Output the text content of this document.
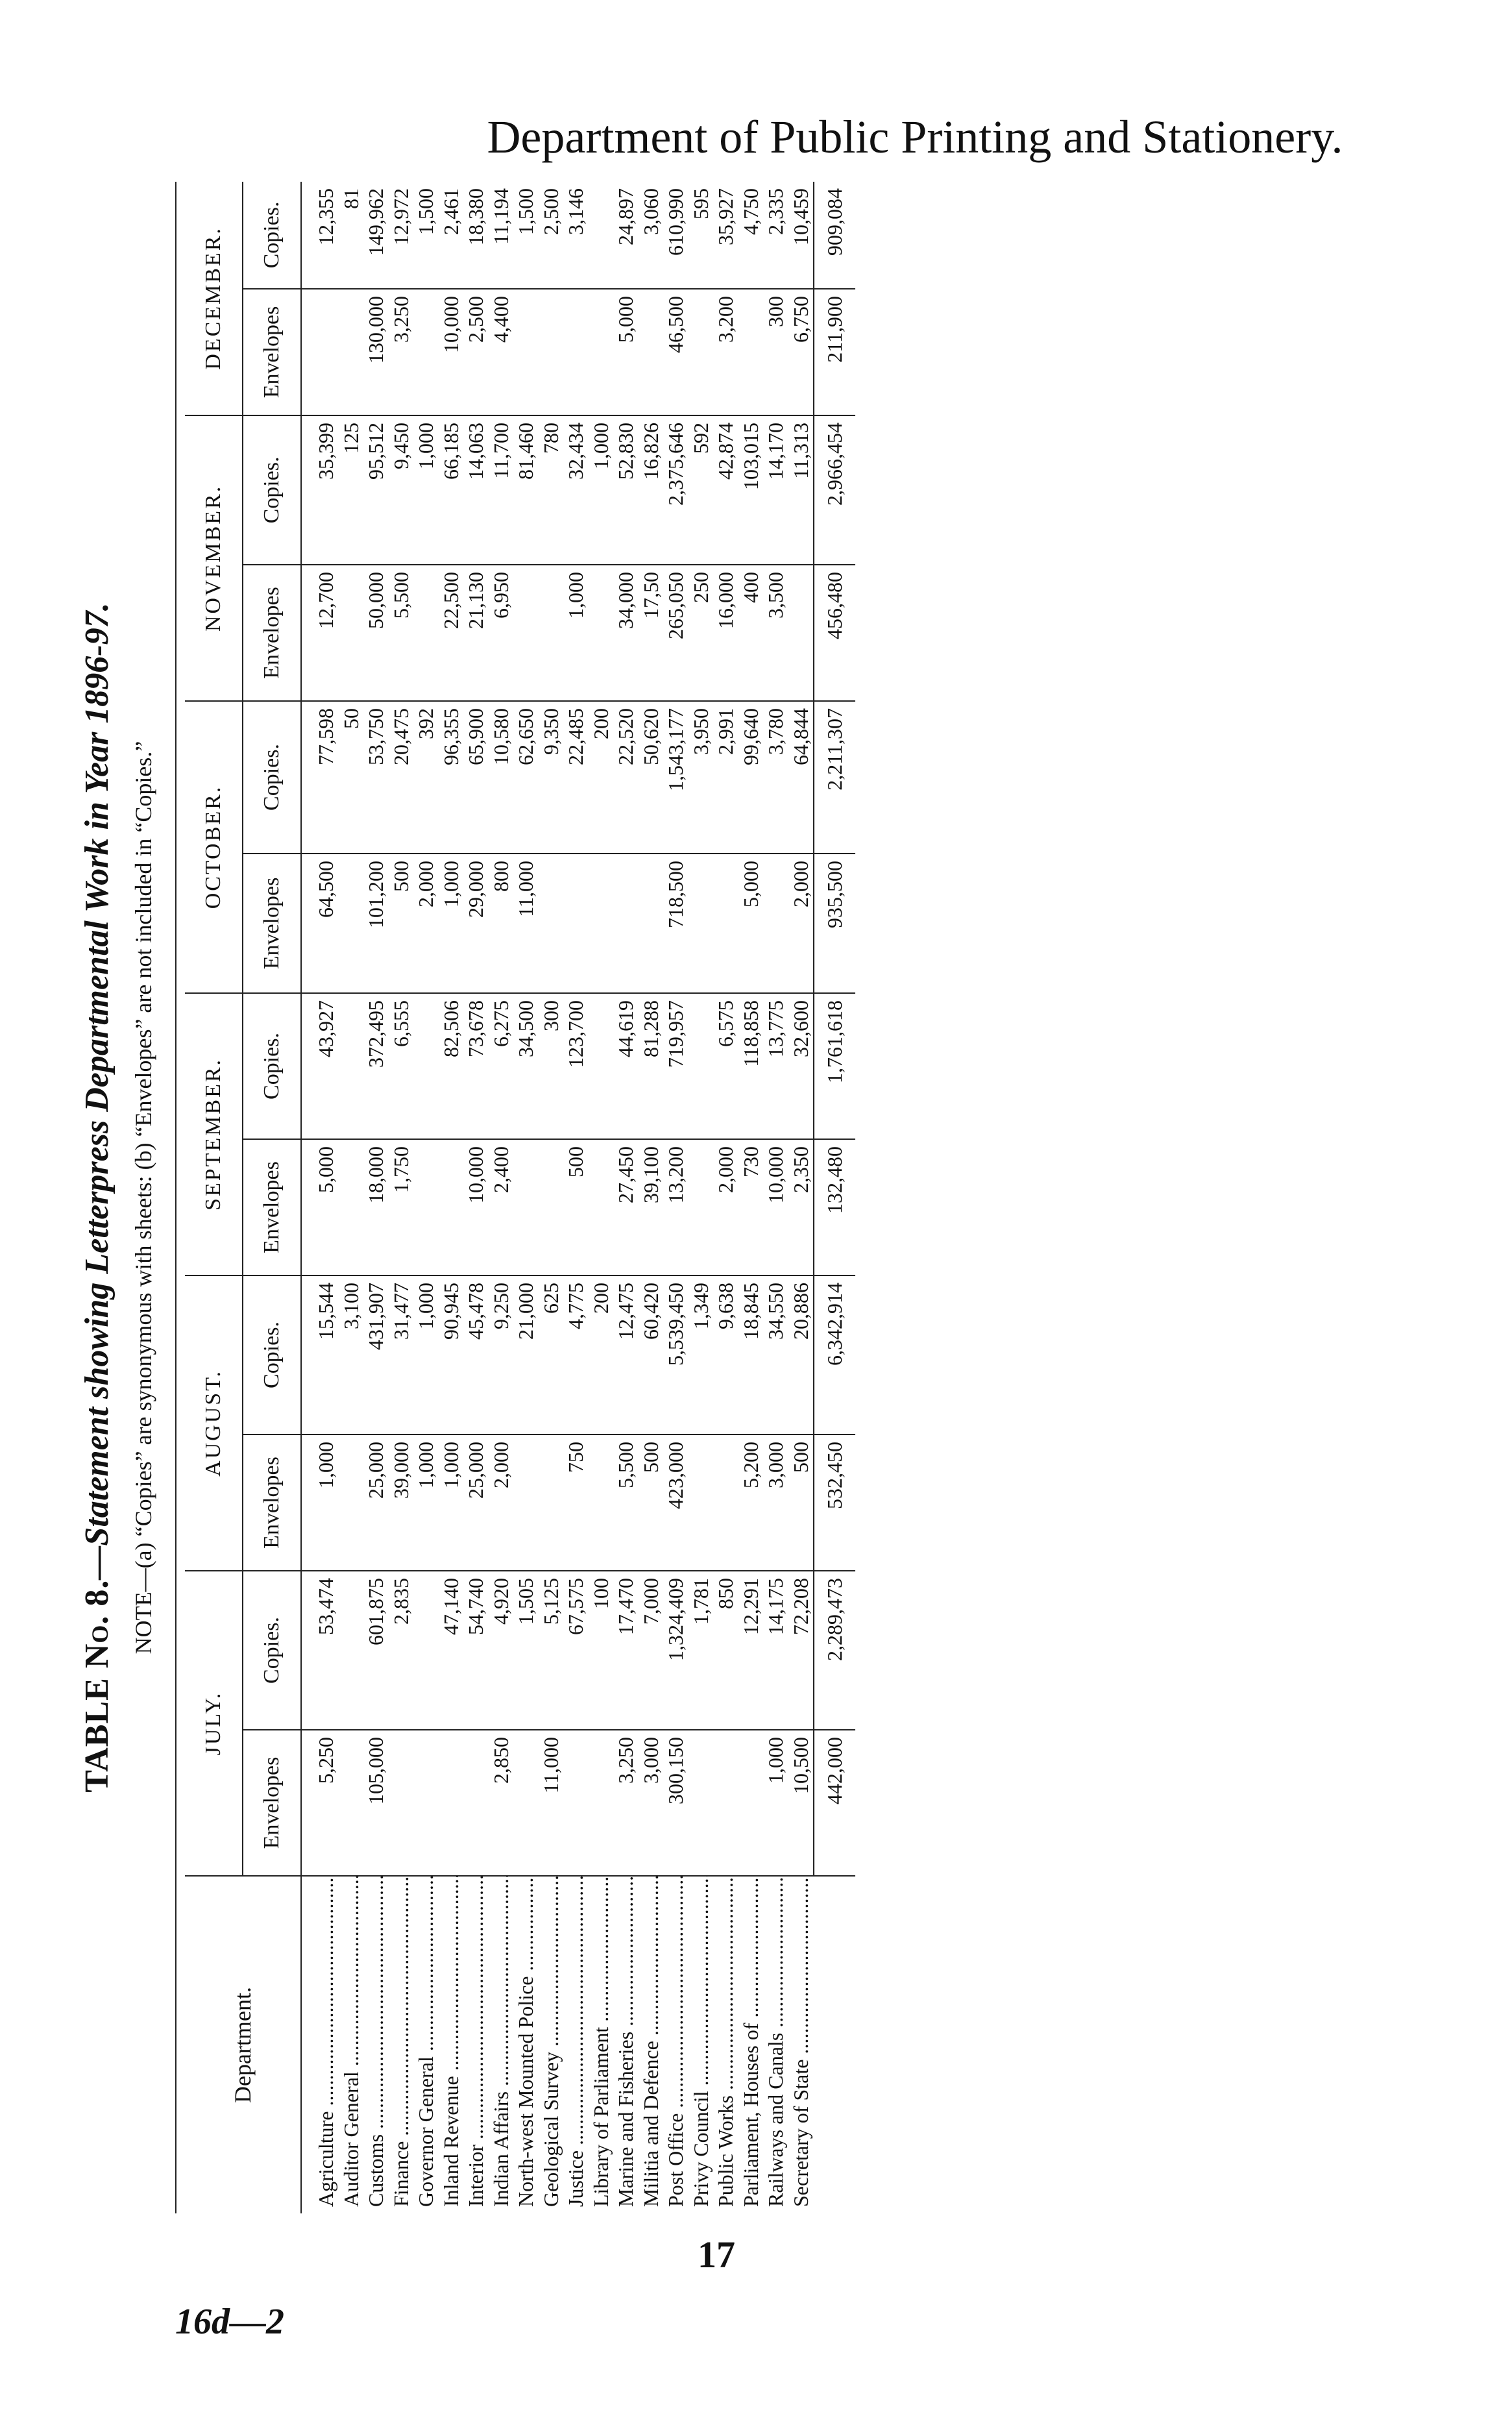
Department of Public Printing and Stationery.
TABLE No. 8.—Statement showing Letterpress Departmental Work in Year 1896-97.
NOTE—(a) “Copies” are synonymous with sheets: (b) “Envelopes” are not included in “Copies.”
Department.	JULY.		AUGUST.		SEPTEMBER.		OCTOBER.		NOVEMBER.		DECEMBER.	
	Envelopes	Copies.	Envelopes	Copies.	Envelopes	Copies.	Envelopes	Copies.	Envelopes	Copies.	Envelopes	Copies.
Agriculture .....	5,250	53,474	1,000	15,544	5,000	43,927	64,500	77,598	12,700	35,399		12,355
Auditor General .....				3,100				50		125		81
Customs .....	105,000	601,875	25,000	431,907	18,000	372,495	101,200	53,750	50,000	95,512	130,000	149,962
Finance .....		2,835	39,000	31,477	1,750	6,555	500	20,475	5,500	9,450	3,250	12,972
Governor General .....			1,000	1,000			2,000	392		1,000		1,500
Inland Revenue .....		47,140	1,000	90,945		82,506	1,000	96,355	22,500	66,185	10,000	2,461
Interior .....		54,740	25,000	45,478	10,000	73,678	29,000	65,900	21,130	14,063	2,500	18,380
Indian Affairs .....	2,850	4,920	2,000	9,250	2,400	6,275	800	10,580	6,950	11,700	4,400	11,194
North-west Mounted Police .....		1,505		21,000		34,500	11,000	62,650		81,460		1,500
Geological Survey .....	11,000	5,125		625		300		9,350		780		2,500
Justice .....		67,575	750	4,775	500	123,700		22,485	1,000	32,434		3,146
Library of Parliament .....		100		200				200		1,000		
Marine and Fisheries .....	3,250	17,470	5,500	12,475	27,450	44,619		22,520	34,000	52,830	5,000	24,897
Militia and Defence .....	3,000	7,000	500	60,420	39,100	81,288		50,620	17,50	16,826		3,060
Post Office .....	300,150	1,324,409	423,000	5,539,450	13,200	719,957	718,500	1,543,177	265,050	2,375,646	46,500	610,990
Privy Council .....		1,781		1,349				3,950	250	592		595
Public Works .....		850		9,638	2,000	6,575		2,991	16,000	42,874	3,200	35,927
Parliament, Houses of .....		12,291	5,200	18,845	730	118,858	5,000	99,640	400	103,015		4,750
Railways and Canals .....	1,000	14,175	3,000	34,550	10,000	13,775		3,780	3,500	14,170	300	2,335
Secretary of State .....	10,500	72,208	500	20,886	2,350	32,600	2,000	64,844		11,313	6,750	10,459
	442,000	2,289,473	532,450	6,342,914	132,480	1,761,618	935,500	2,211,307	456,480	2,966,454	211,900	909,084
17
16d—2
